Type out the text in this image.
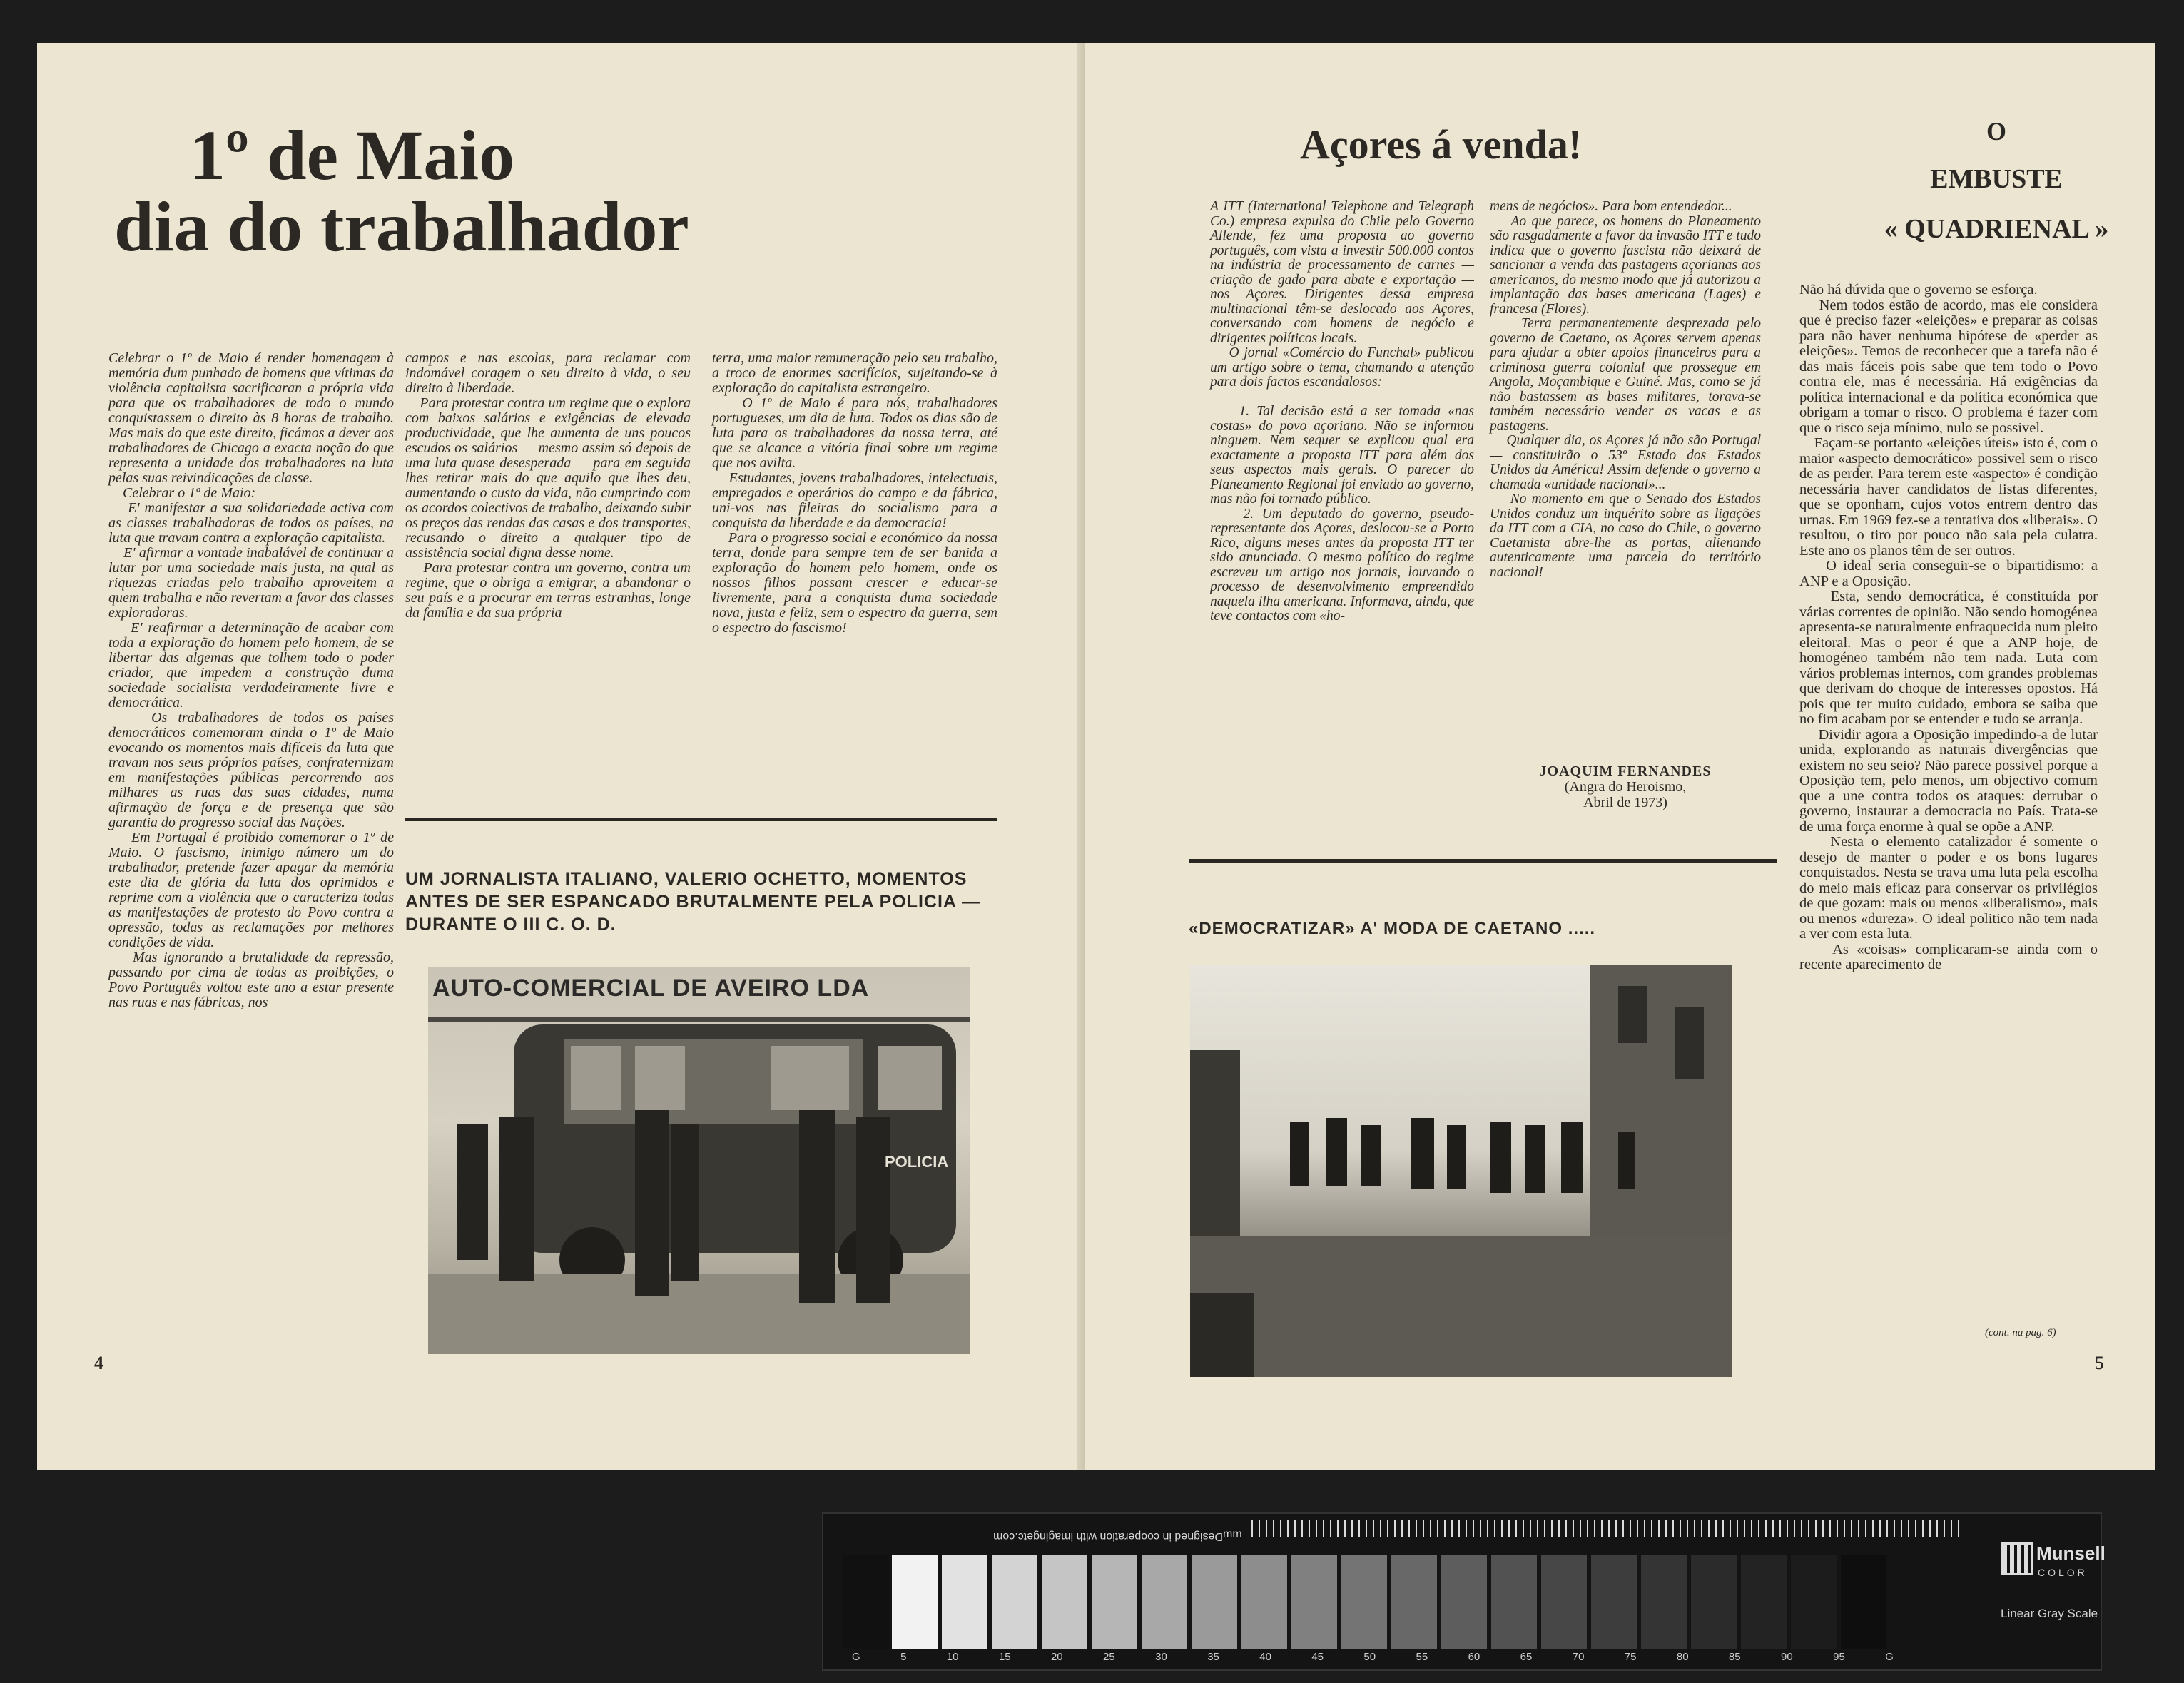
1º de Maio
dia do trabalhador
Celebrar o 1º de Maio é render homenagem à memória dum punhado de homens que vítimas da violência capitalista sacrificaran a própria vida para que os trabalhadores de todo o mundo conquistassem o direito às 8 horas de trabalho. Mas mais do que este direito, ficámos a dever aos trabalhadores de Chicago a exacta noção do que representa a unidade dos trabalhadores na luta pelas suas reivindicações de classe.
Celebrar o 1º de Maio:
E' manifestar a sua solidariedade activa com as classes trabalhadoras de todos os países, na luta que travam contra a exploração capitalista.
E' afirmar a vontade inabalável de continuar a lutar por uma sociedade mais justa, na qual as riquezas criadas pelo trabalho aproveitem a quem trabalha e não revertam a favor das classes exploradoras.
E' reafirmar a determinação de acabar com toda a exploração do homem pelo homem, de se libertar das algemas que tolhem todo o poder criador, que impedem a construção duma sociedade socialista verdadeiramente livre e democrática.
Os trabalhadores de todos os países democráticos comemoram ainda o 1º de Maio evocando os momentos mais difíceis da luta que travam nos seus próprios países, confraternizam em manifestações públicas percorrendo aos milhares as ruas das suas cidades, numa afirmação de força e de presença que são garantia do progresso social das Nações.
Em Portugal é proibido comemorar o 1º de Maio. O fascismo, inimigo número um do trabalhador, pretende fazer apagar da memória este dia de glória da luta dos oprimidos e reprime com a violência que o caracteriza todas as manifestações de protesto do Povo contra a opressão, todas as reclamações por melhores condições de vida.
Mas ignorando a brutalidade da repressão, passando por cima de todas as proibições, o Povo Português voltou este ano a estar presente nas ruas e nas fábricas, nos
campos e nas escolas, para reclamar com indomável coragem o seu direito à vida, o seu direito à liberdade.
Para protestar contra um regime que o explora com baixos salários e exigências de elevada productividade, que lhe aumenta de uns poucos escudos os salários — mesmo assim só depois de uma luta quase desesperada — para em seguida lhes retirar mais do que aquilo que lhes deu, aumentando o custo da vida, não cumprindo com os acordos colectivos de trabalho, deixando subir os preços das rendas das casas e dos transportes, recusando o direito a qualquer tipo de assistência social digna desse nome.
Para protestar contra um governo, contra um regime, que o obriga a emigrar, a abandonar o seu país e a procurar em terras estranhas, longe da família e da sua própria
terra, uma maior remuneração pelo seu trabalho, a troco de enormes sacrifícios, sujeitando-se à exploração do capitalista estrangeiro.
O 1º de Maio é para nós, trabalhadores portugueses, um dia de luta. Todos os dias são de luta para os trabalhadores da nossa terra, até que se alcance a vitória final sobre um regime que nos avilta.
Estudantes, jovens trabalhadores, intelectuais, empregados e operários do campo e da fábrica, uni-vos nas fileiras do socialismo para a conquista da liberdade e da democracia!
Para o progresso social e económico da nossa terra, donde para sempre tem de ser banida a exploração do homem pelo homem, onde os nossos filhos possam crescer e educar-se livremente, para a conquista duma sociedade nova, justa e feliz, sem o espectro da guerra, sem o espectro do fascismo!
UM JORNALISTA ITALIANO, VALERIO OCHETTO, MOMENTOS ANTES DE SER ESPANCADO BRUTALMENTE PELA POLICIA — DURANTE O III C. O. D.
AUTO-COMERCIAL DE AVEIRO LDA
POLICIA
4
Açores á venda!
A ITT (International Telephone and Telegraph Co.) empresa expulsa do Chile pelo Governo Allende, fez uma proposta ao governo português, com vista a investir 500.000 contos na indústria de processamento de carnes — criação de gado para abate e exportação — nos Açores. Dirigentes dessa empresa multinacional têm-se deslocado aos Açores, conversando com homens de negócio e dirigentes políticos locais.
O jornal «Comércio do Funchal» publicou um artigo sobre o tema, chamando a atenção para dois factos escandalosos:

1. Tal decisão está a ser tomada «nas costas» do povo açoriano. Não se informou ninguem. Nem sequer se explicou qual era exactamente a proposta ITT para além dos seus aspectos mais gerais. O parecer do Planeamento Regional foi enviado ao governo, mas não foi tornado público.
2. Um deputado do governo, pseudo-representante dos Açores, deslocou-se a Porto Rico, alguns meses antes da proposta ITT ter sido anunciada. O mesmo político do regime escreveu um artigo nos jornais, louvando o processo de desenvolvimento empreendido naquela ilha americana. Informava, ainda, que teve contactos com «ho-
mens de negócios». Para bom entendedor...
Ao que parece, os homens do Planeamento são rasgadamente a favor da invasão ITT e tudo indica que o governo fascista não deixará de sancionar a venda das pastagens açorianas aos americanos, do mesmo modo que já autorizou a implantação das bases americana (Lages) e francesa (Flores).
Terra permanentemente desprezada pelo governo de Caetano, os Açores servem apenas para ajudar a obter apoios financeiros para a criminosa guerra colonial que prossegue em Angola, Moçambique e Guiné. Mas, como se já não bastassem as bases militares, torava-se também necessário vender as vacas e as pastagens.
Qualquer dia, os Açores já não são Portugal — constituirão o 53º Estado dos Estados Unidos da América! Assim defende o governo a chamada «unidade nacional»...
No momento em que o Senado dos Estados Unidos conduz um inquérito sobre as ligações da ITT com a CIA, no caso do Chile, o governo Caetanista abre-lhe as portas, alienando autenticamente uma parcela do território nacional!
JOAQUIM FERNANDES
(Angra do Heroismo,
Abril de 1973)
«DEMOCRATIZAR» A' MODA DE CAETANO .....
O
EMBUSTE
« QUADRIENAL »
Não há dúvida que o governo se esforça.
Nem todos estão de acordo, mas ele considera que é preciso fazer «eleições» e preparar as coisas para não haver nenhuma hipótese de «perder as eleições». Temos de reconhecer que a tarefa não é das mais fáceis pois sabe que tem todo o Povo contra ele, mas é necessária. Há exigências da política internacional e da política económica que obrigam a tomar o risco. O problema é fazer com que o risco seja mínimo, nulo se possivel.
Façam-se portanto «eleições úteis» isto é, com o maior «aspecto democrático» possivel sem o risco de as perder. Para terem este «aspecto» é condição necessária haver candidatos de listas diferentes, que se oponham, cujos votos entrem dentro das urnas. Em 1969 fez-se a tentativa dos «liberais». O resultou, o tiro por pouco não saia pela culatra. Este ano os planos têm de ser outros.
O ideal seria conseguir-se o bipartidismo: a ANP e a Oposição.
Esta, sendo democrática, é constituída por várias correntes de opinião. Não sendo homogénea apresenta-se naturalmente enfraquecida num pleito eleitoral. Mas o peor é que a ANP hoje, de homogéneo também não tem nada. Luta com vários problemas internos, com grandes problemas que derivam do choque de interesses opostos. Há pois que ter muito cuidado, embora se saiba que no fim acabam por se entender e tudo se arranja.
Dividir agora a Oposição impedindo-a de lutar unida, explorando as naturais divergências que existem no seu seio? Não parece possivel porque a Oposição tem, pelo menos, um objectivo comum que a une contra todos os ataques: derrubar o governo, instaurar a democracia no País. Trata-se de uma força enorme à qual se opõe a ANP.
Nesta o elemento catalizador é somente o desejo de manter o poder e os bons lugares conquistados. Nesta se trava uma luta pela escolha do meio mais eficaz para conservar os privilégios de que gozam: mais ou menos «liberalismo», mais ou menos «dureza». O ideal politico não tem nada a ver com esta luta.
As «coisas» complicaram-se ainda com o recente aparecimento de
(cont. na pag. 6)
5
Designed in cooperation with imagingetc.com mm
G	5	10	15	20	25	30	35	40	45	50	55	60	65	70	75	80	85	90	95	G
Munsell
COLOR
Linear Gray Scale
